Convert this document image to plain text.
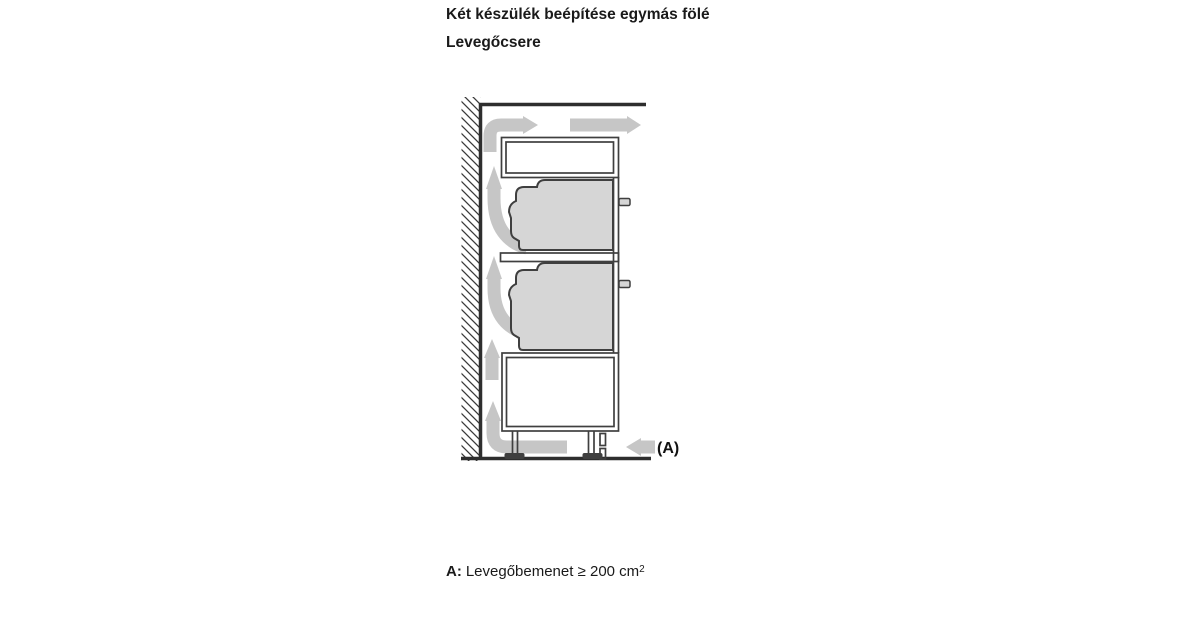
Két készülék beépítése egymás fölé
Levegőcsere
(A)
A: Levegőbemenet ≥ 200 $cm^2$
